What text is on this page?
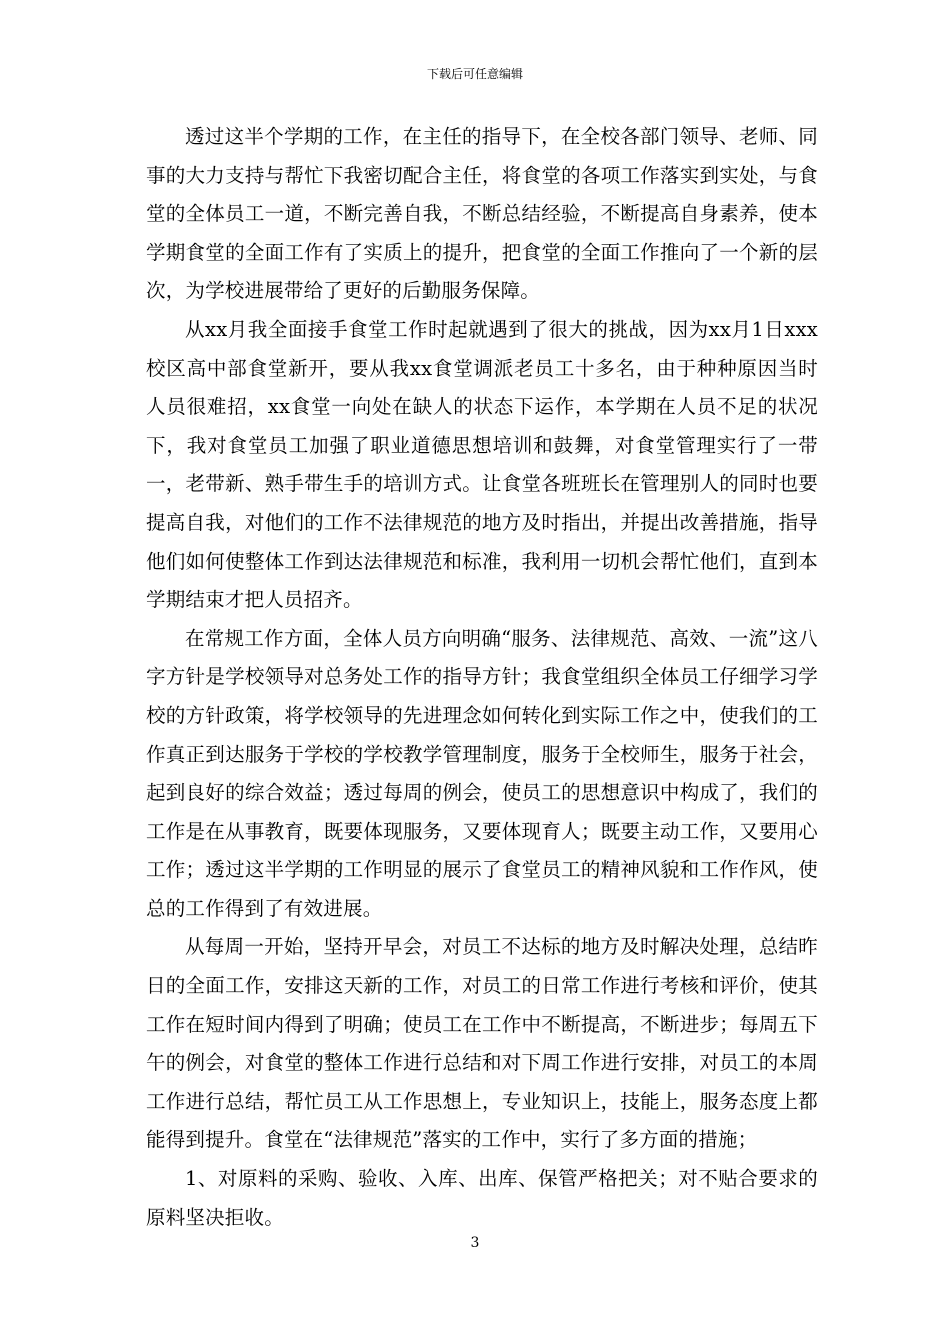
下载后可任意编辑

透过这半个学期的工作，在主任的指导下，在全校各部门领导、老师、同事的大力支持与帮忙下我密切配合主任，将食堂的各项工作落实到实处，与食堂的全体员工一道，不断完善自我，不断总结经验，不断提高自身素养，使本学期食堂的全面工作有了实质上的提升，把食堂的全面工作推向了一个新的层次，为学校进展带给了更好的后勤服务保障。

从xx月我全面接手食堂工作时起就遇到了很大的挑战，因为xx月1日xxx校区高中部食堂新开，要从我xx食堂调派老员工十多名，由于种种原因当时人员很难招，xx食堂一向处在缺人的状态下运作，本学期在人员不足的状况下，我对食堂员工加强了职业道德思想培训和鼓舞，对食堂管理实行了一带一，老带新、熟手带生手的培训方式。让食堂各班班长在管理别人的同时也要提高自我，对他们的工作不法律规范的地方及时指出，并提出改善措施，指导他们如何使整体工作到达法律规范和标准，我利用一切机会帮忙他们，直到本学期结束才把人员招齐。

在常规工作方面，全体人员方向明确“服务、法律规范、高效、一流”这八字方针是学校领导对总务处工作的指导方针；我食堂组织全体员工仔细学习学校的方针政策，将学校领导的先进理念如何转化到实际工作之中，使我们的工作真正到达服务于学校的学校教学管理制度，服务于全校师生，服务于社会，起到良好的综合效益；透过每周的例会，使员工的思想意识中构成了，我们的工作是在从事教育，既要体现服务，又要体现育人；既要主动工作，又要用心工作；透过这半学期的工作明显的展示了食堂员工的精神风貌和工作作风，使总的工作得到了有效进展。

从每周一开始，坚持开早会，对员工不达标的地方及时解决处理，总结昨日的全面工作，安排这天新的工作，对员工的日常工作进行考核和评价，使其工作在短时间内得到了明确；使员工在工作中不断提高，不断进步；每周五下午的例会，对食堂的整体工作进行总结和对下周工作进行安排，对员工的本周工作进行总结，帮忙员工从工作思想上，专业知识上，技能上，服务态度上都能得到提升。食堂在“法律规范”落实的工作中，实行了多方面的措施；

1、对原料的采购、验收、入库、出库、保管严格把关；对不贴合要求的原料坚决拒收。

3
